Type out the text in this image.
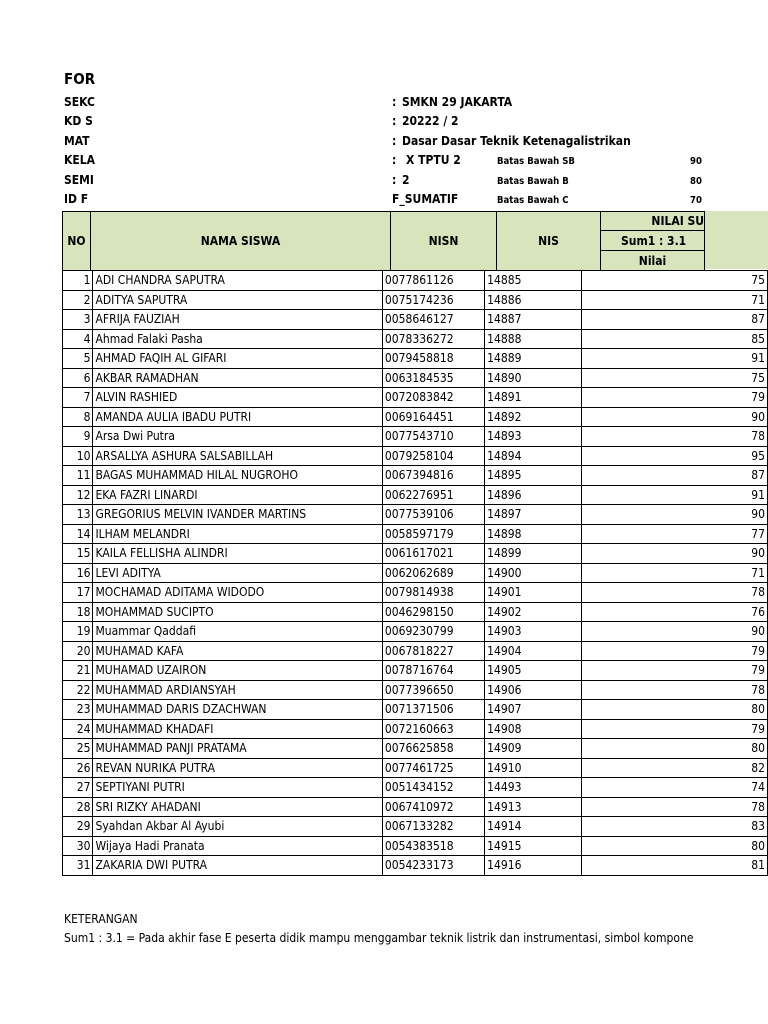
FOR
SEKC	: SMKN 29 JAKARTA
KD S	: 20222 / 2
MAT	: Dasar Dasar Teknik Ketenagalistrikan
KELA	: X TPTU 2
SEMI	: 2
ID F	F_SUMATIF
Batas Bawah SB	90
Batas Bawah B	80
Batas Bawah C	70
NO	NAMA SISWA	NISN	NIS
NILAI SU
Sum1 : 3.1
Nilai
1	ADI CHANDRA SAPUTRA	0077861126	14885	75
2	ADITYA SAPUTRA	0075174236	14886	71
3	AFRIJA FAUZIAH	0058646127	14887	87
4	Ahmad Falaki Pasha	0078336272	14888	85
5	AHMAD FAQIH AL GIFARI	0079458818	14889	91
6	AKBAR RAMADHAN	0063184535	14890	75
7	ALVIN RASHIED	0072083842	14891	79
8	AMANDA AULIA IBADU PUTRI	0069164451	14892	90
9	Arsa Dwi Putra	0077543710	14893	78
10	ARSALLYA ASHURA SALSABILLAH	0079258104	14894	95
11	BAGAS MUHAMMAD HILAL NUGROHO	0067394816	14895	87
12	EKA FAZRI LINARDI	0062276951	14896	91
13	GREGORIUS MELVIN IVANDER MARTINS	0077539106	14897	90
14	ILHAM MELANDRI	0058597179	14898	77
15	KAILA FELLISHA ALINDRI	0061617021	14899	90
16	LEVI ADITYA	0062062689	14900	71
17	MOCHAMAD ADITAMA WIDODO	0079814938	14901	78
18	MOHAMMAD SUCIPTO	0046298150	14902	76
19	Muammar Qaddafi	0069230799	14903	90
20	MUHAMAD KAFA	0067818227	14904	79
21	MUHAMAD UZAIRON	0078716764	14905	79
22	MUHAMMAD ARDIANSYAH	0077396650	14906	78
23	MUHAMMAD DARIS DZACHWAN	0071371506	14907	80
24	MUHAMMAD KHADAFI	0072160663	14908	79
25	MUHAMMAD PANJI PRATAMA	0076625858	14909	80
26	REVAN NURIKA PUTRA	0077461725	14910	82
27	SEPTIYANI PUTRI	0051434152	14493	74
28	SRI RIZKY AHADANI	0067410972	14913	78
29	Syahdan Akbar Al Ayubi	0067133282	14914	83
30	Wijaya Hadi Pranata	0054383518	14915	80
31	ZAKARIA DWI PUTRA	0054233173	14916	81
KETERANGAN
Sum1 : 3.1 = Pada akhir fase E peserta didik mampu menggambar teknik listrik dan instrumentasi, simbol kompone
